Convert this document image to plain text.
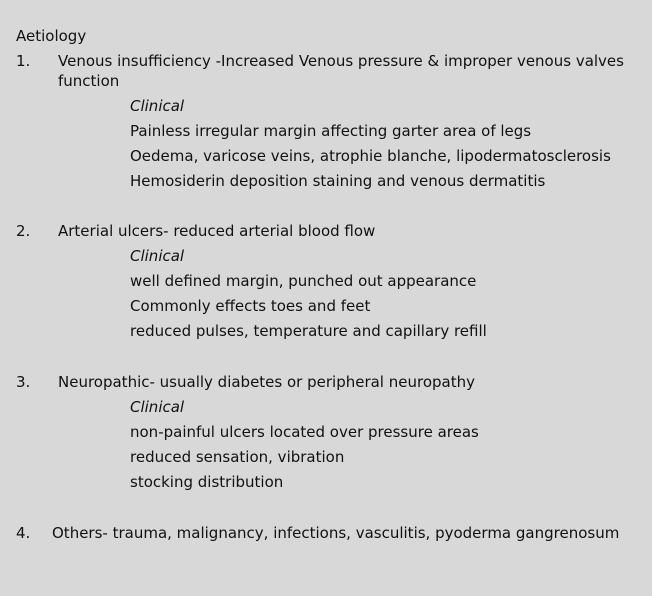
Aetiology
1. Venous insufficiency -Increased Venous pressure & improper venous valves
function
Clinical
Painless irregular margin affecting garter area of legs
Oedema, varicose veins, atrophie blanche, lipodermatosclerosis
Hemosiderin deposition staining and venous dermatitis
2. Arterial ulcers- reduced arterial blood flow
Clinical
well defined margin, punched out appearance
Commonly effects toes and feet
reduced pulses, temperature and capillary refill
3. Neuropathic- usually diabetes or peripheral neuropathy
Clinical
non-painful ulcers located over pressure areas
reduced sensation, vibration
stocking distribution
4. Others- trauma, malignancy, infections, vasculitis, pyoderma gangrenosum
